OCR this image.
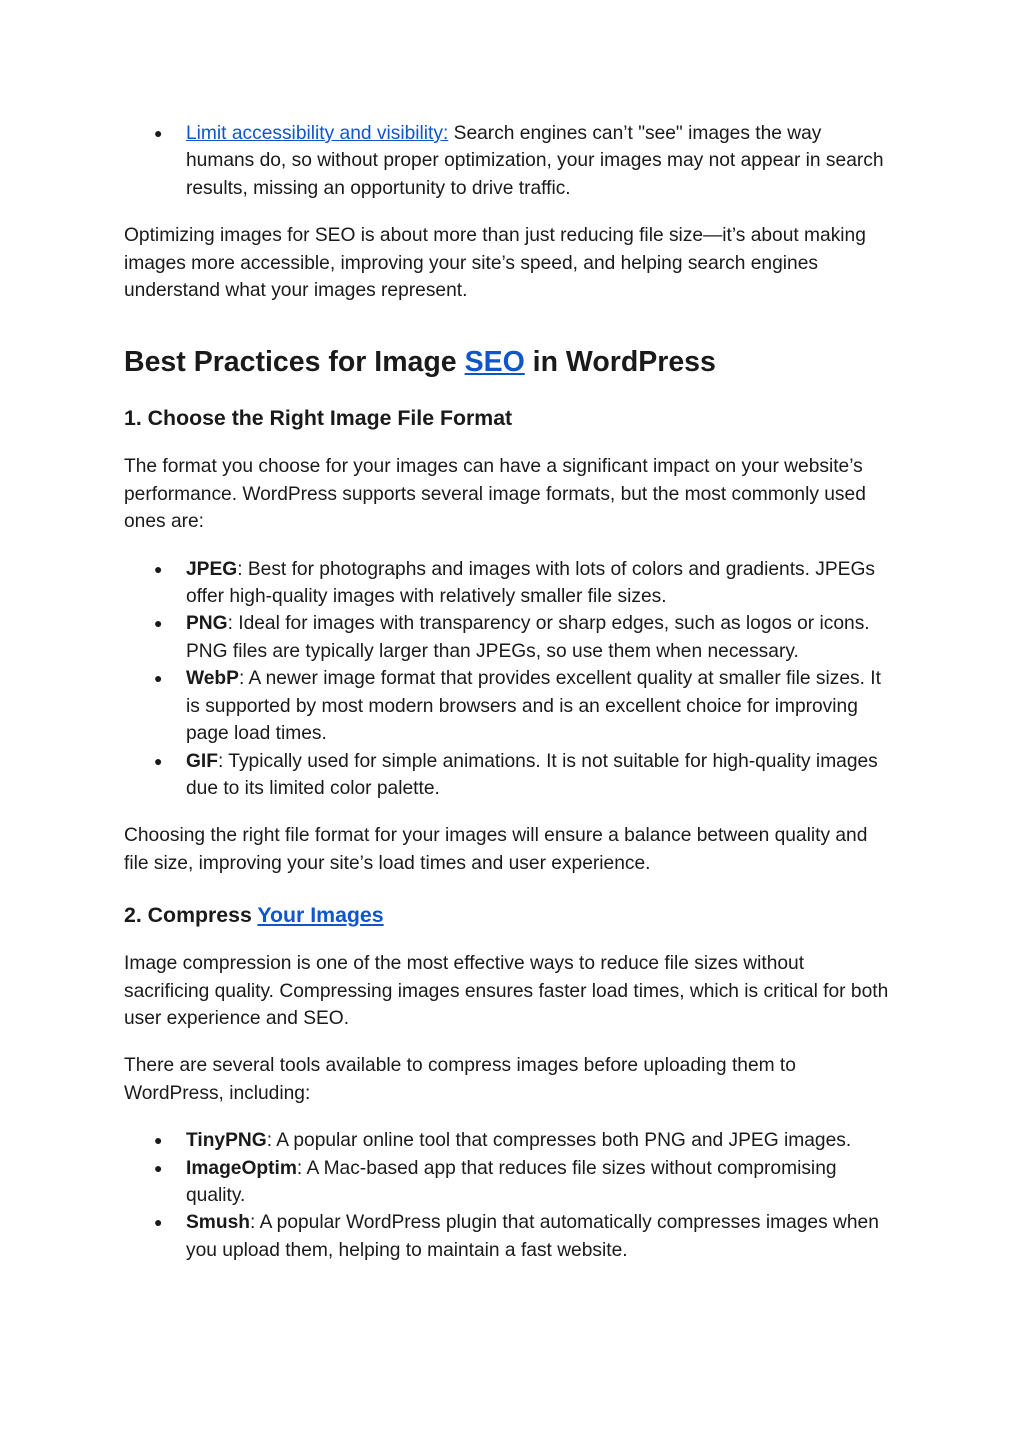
● Limit accessibility and visibility: Search engines can’t "see" images the way humans do, so without proper optimization, your images may not appear in search results, missing an opportunity to drive traffic.

Optimizing images for SEO is about more than just reducing file size—it’s about making images more accessible, improving your site’s speed, and helping search engines understand what your images represent.

Best Practices for Image SEO in WordPress
1. Choose the Right Image File Format

The format you choose for your images can have a significant impact on your website’s performance. WordPress supports several image formats, but the most commonly used ones are:

● JPEG: Best for photographs and images with lots of colors and gradients. JPEGs offer high-quality images with relatively smaller file sizes.
● PNG: Ideal for images with transparency or sharp edges, such as logos or icons. PNG files are typically larger than JPEGs, so use them when necessary.
● WebP: A newer image format that provides excellent quality at smaller file sizes. It is supported by most modern browsers and is an excellent choice for improving page load times.
● GIF: Typically used for simple animations. It is not suitable for high-quality images due to its limited color palette.

Choosing the right file format for your images will ensure a balance between quality and file size, improving your site’s load times and user experience.

2. Compress Your Images

Image compression is one of the most effective ways to reduce file sizes without sacrificing quality. Compressing images ensures faster load times, which is critical for both user experience and SEO.

There are several tools available to compress images before uploading them to WordPress, including:

● TinyPNG: A popular online tool that compresses both PNG and JPEG images.
● ImageOptim: A Mac-based app that reduces file sizes without compromising quality.
● Smush: A popular WordPress plugin that automatically compresses images when you upload them, helping to maintain a fast website.
